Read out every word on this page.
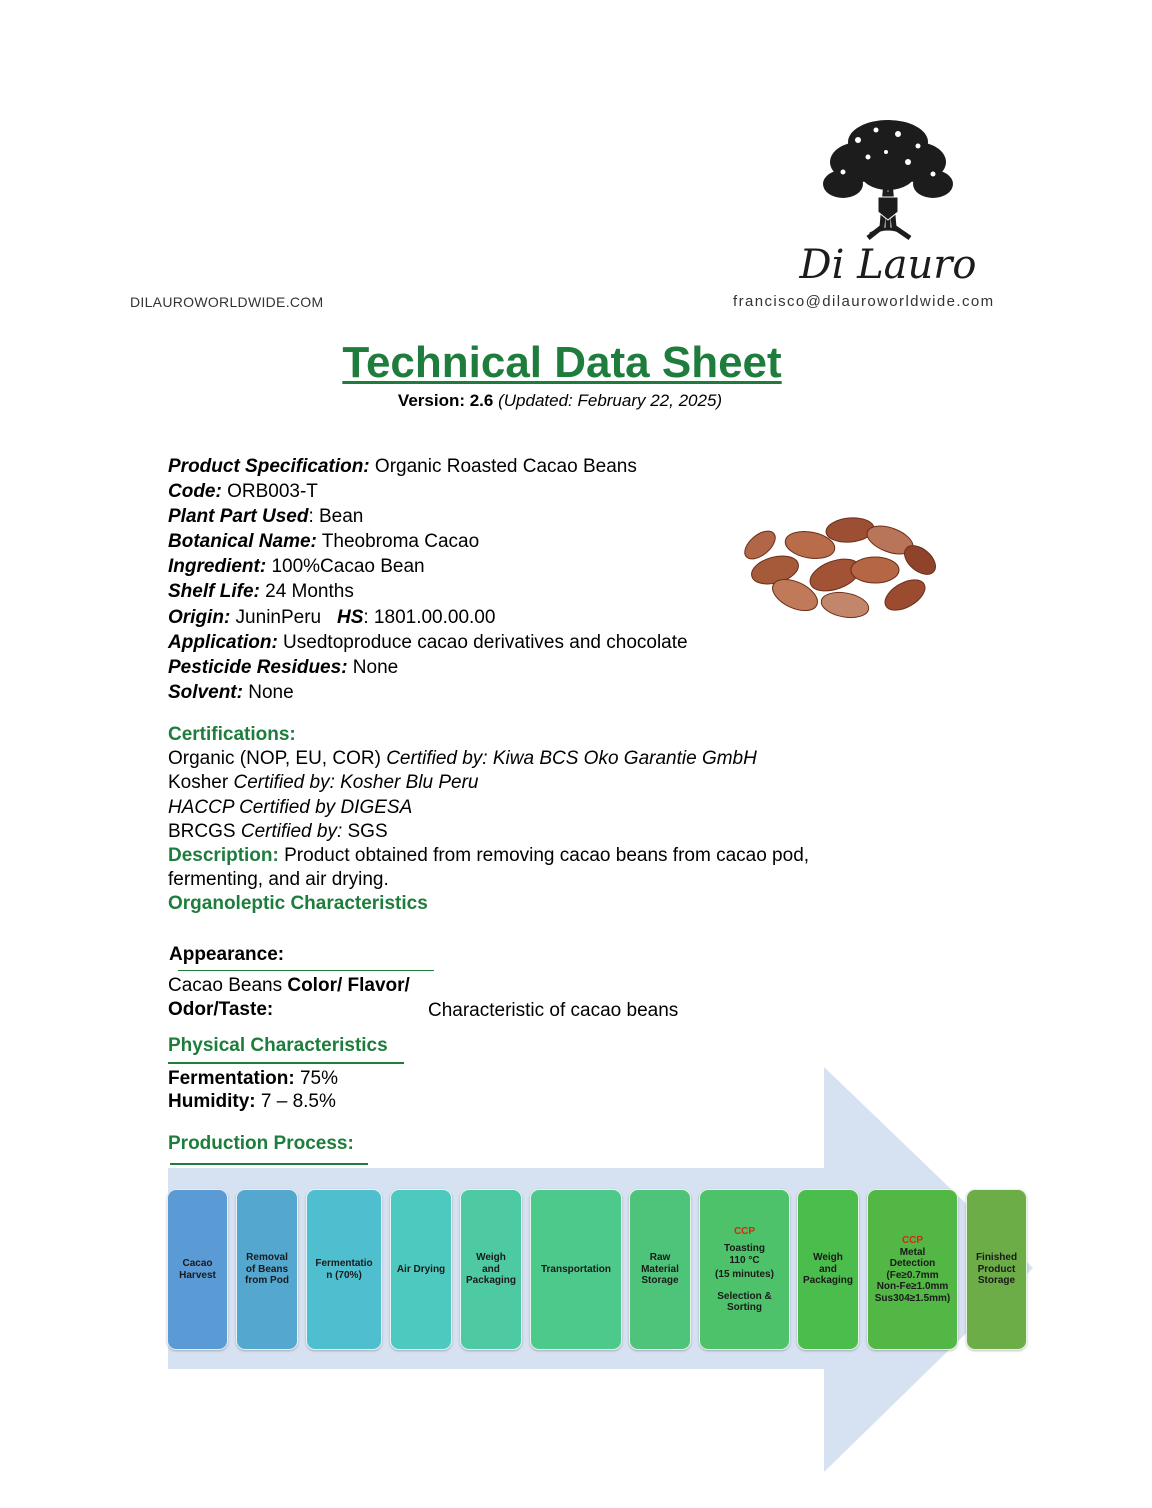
DILAUROWORLDWIDE.COM	francisco@dilauroworldwide.com
Di Lauro
Technical Data Sheet
Version: 2.6 (Updated: February 22, 2025)
Product Specification: Organic Roasted Cacao Beans
Code: ORB003-T
Plant Part Used: Bean
Botanical Name: Theobroma Cacao
Ingredient: 100%Cacao Bean
Shelf Life: 24 Months
Origin: JuninPeru HS: 1801.00.00.00
Application: Usedtoproduce cacao derivatives and chocolate
Pesticide Residues: None
Solvent: None
Certifications:
Organic (NOP, EU, COR) Certified by: Kiwa BCS Oko Garantie GmbH
Kosher Certified by: Kosher Blu Peru
HACCP Certified by DIGESA
BRCGS Certified by: SGS
Description: Product obtained from removing cacao beans from cacao pod,
fermenting, and air drying.
Organoleptic Characteristics
Appearance:
Cacao Beans Color/ Flavor/
Odor/Taste:	Characteristic of cacao beans
Physical Characteristics
Fermentation: 75%
Humidity: 7 – 8.5%
Production Process:
Cacao
Harvest
Removal
of Beans
from Pod
Fermentatio
n (70%)
Air Drying
Weigh
and
Packaging
Transportation
Raw
Material
Storage
CCP
Toasting
110 °C
(15 minutes)
Selection &
Sorting
Weigh
and
Packaging
CCP
Metal
Detection
(Fe≥0.7mm
Non-Fe≥1.0mm
Sus304≥1.5mm)
Finished
Product
Storage
